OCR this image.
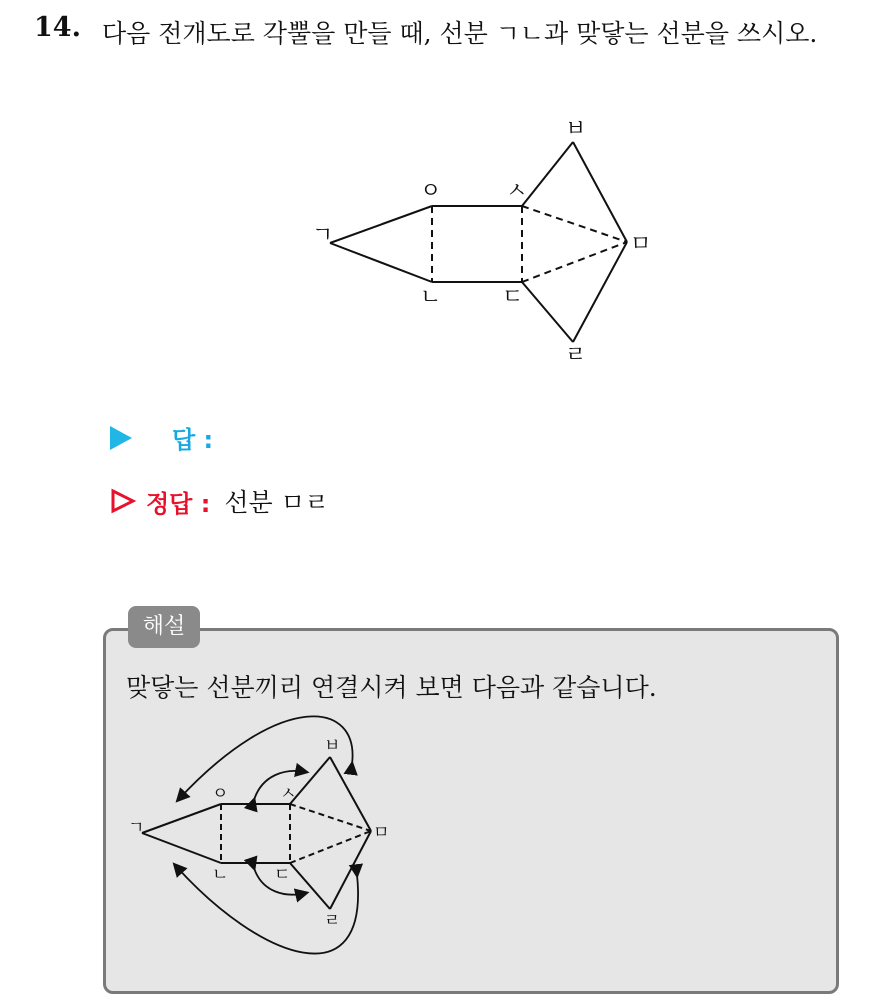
14. 다음 전개도로 각뿔을 만들 때, 선분 ㄱㄴ과 맞닿는 선분을 쓰시오.
ㄱ
ㅇ	ㅅ
ㅂ
ㅁ
ㄴ	ㄷ
ㄹ
답 :
정답 : 선분 ㅁㄹ
해설
맞닿는 선분끼리 연결시켜 보면 다음과 같습니다.
ㄱ
ㅇ	ㅅ
ㅂ
ㅁ
ㄴ	ㄷ
ㄹ
